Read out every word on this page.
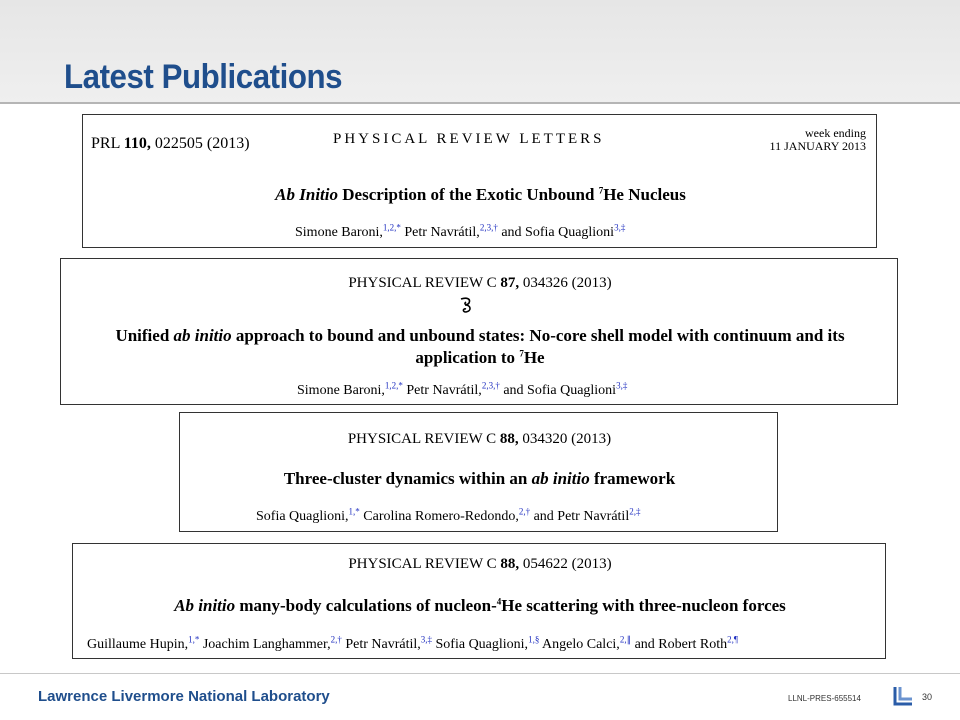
Latest Publications
PRL 110, 022505 (2013)	PHYSICAL REVIEW LETTERS	week ending
11 JANUARY 2013
Ab Initio Description of the Exotic Unbound $^7$He Nucleus
Simone Baroni,$^{1,2,*}$ Petr Navrátil,$^{2,3,\dagger}$ and Sofia Quaglioni$^{3,\ddagger}$
PHYSICAL REVIEW C 87, 034326 (2013)
Unified ab initio approach to bound and unbound states: No-core shell model with continuum and its application to $^7$He
Simone Baroni,$^{1,2,*}$ Petr Navrátil,$^{2,3,\dagger}$ and Sofia Quaglioni$^{3,\ddagger}$
PHYSICAL REVIEW C 88, 034320 (2013)
Three-cluster dynamics within an ab initio framework
Sofia Quaglioni,$^{1,*}$ Carolina Romero-Redondo,$^{2,\dagger}$ and Petr Navrátil$^{2,\ddagger}$
PHYSICAL REVIEW C 88, 054622 (2013)
Ab initio many-body calculations of nucleon-$^4$He scattering with three-nucleon forces
Guillaume Hupin,$^{1,*}$ Joachim Langhammer,$^{2,\dagger}$ Petr Navrátil,$^{3,\ddagger}$ Sofia Quaglioni,$^{1,\S}$ Angelo Calci,$^{2,\parallel}$ and Robert Roth$^{2,\P}$
Lawrence Livermore National Laboratory	LLNL-PRES-655514	30
